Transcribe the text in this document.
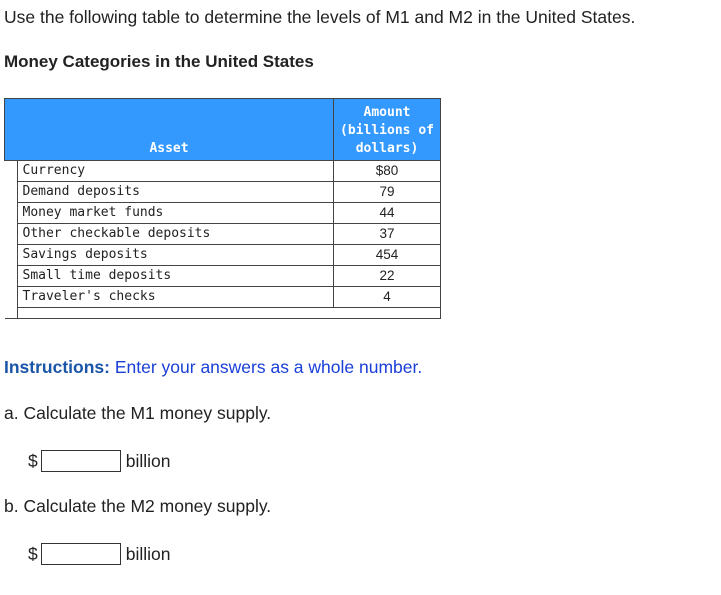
Use the following table to determine the levels of M1 and M2 in the United States.
Money Categories in the United States
Asset		Amount
(billions of
dollars)

	Currency	$80
	Demand deposits	79
	Money market funds	44
	Other checkable deposits	37
	Savings deposits	454
	Small time deposits	22
	Traveler's checks	4

Instructions: Enter your answers as a whole number.
a. Calculate the M1 money supply.
$	billion
b. Calculate the M2 money supply.
$	billion
